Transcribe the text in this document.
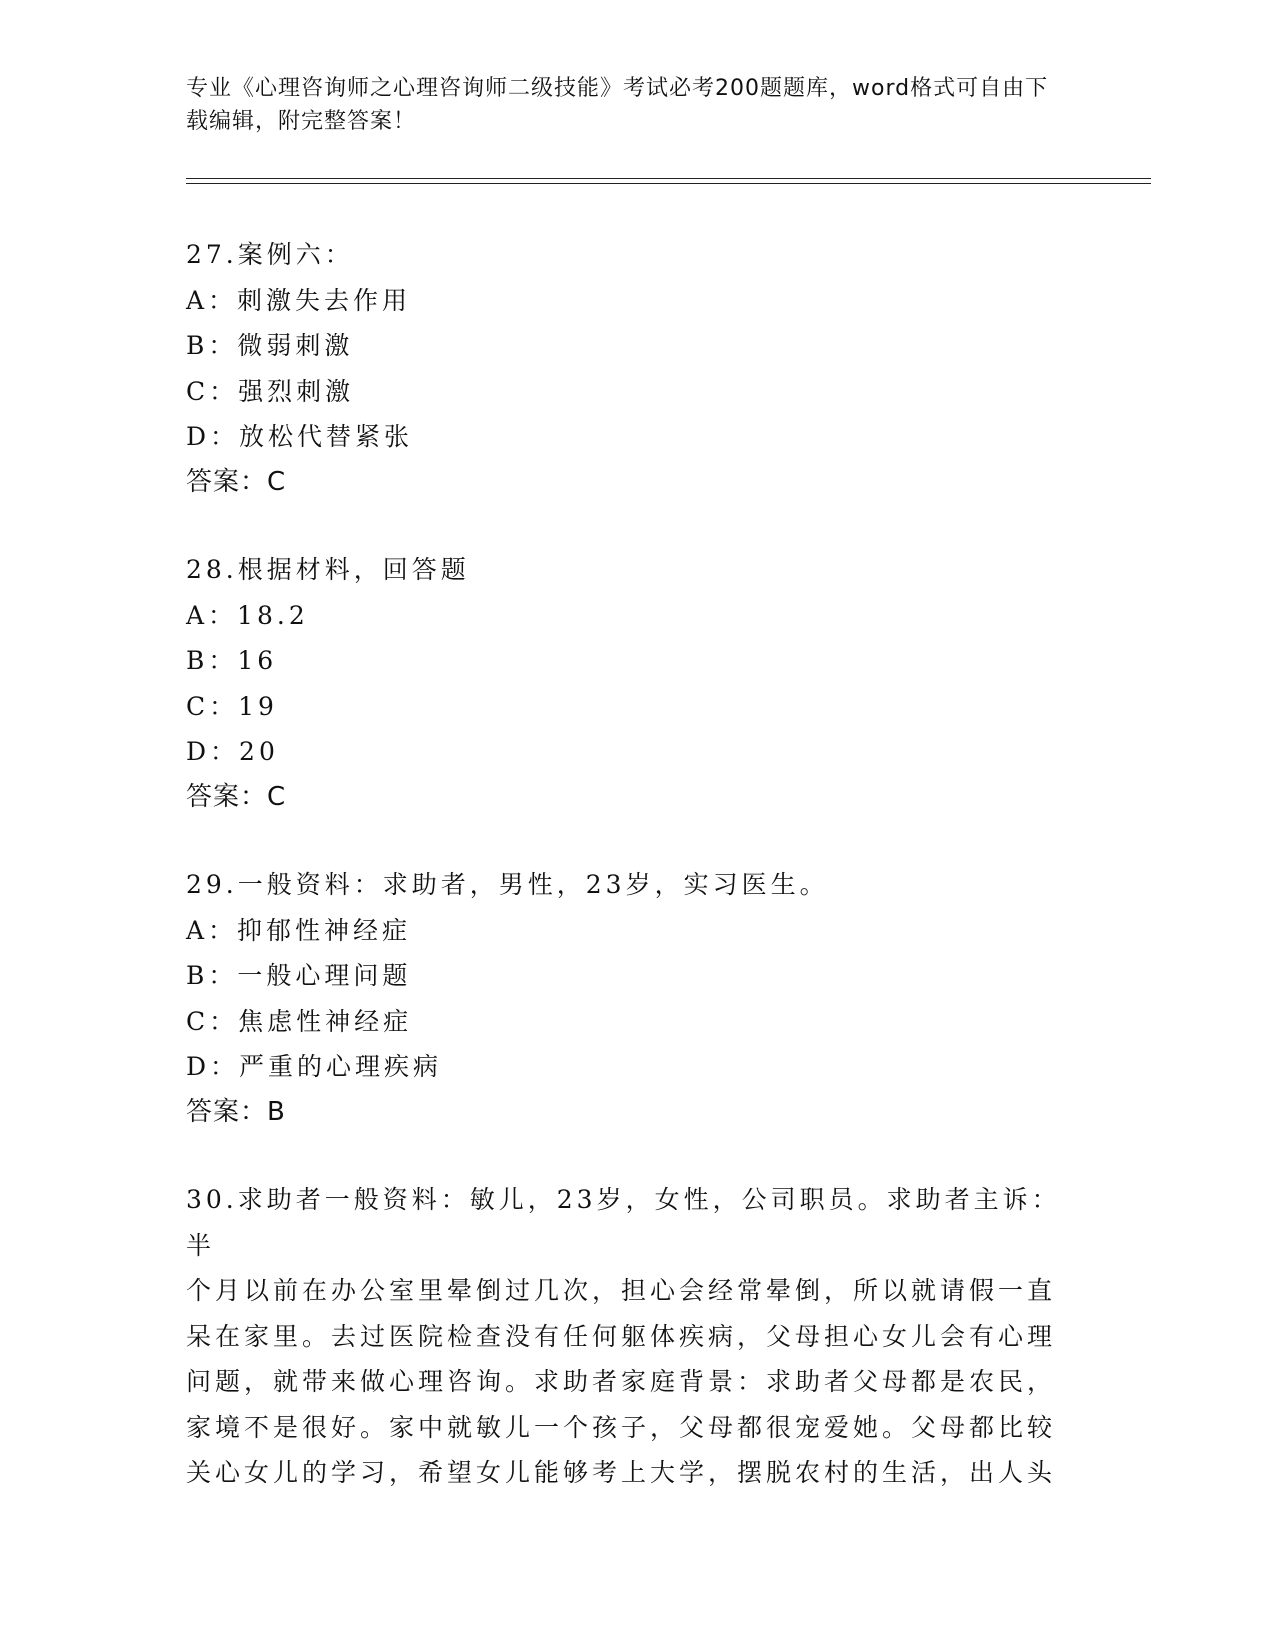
专业《心理咨询师之心理咨询师二级技能》考试必考200题题库，word格式可自由下载编辑，附完整答案！

27.案例六：

A：刺激失去作用

B：微弱刺激

C：强烈刺激

D：放松代替紧张

答案：C

28.根据材料，回答题

A：18.2

B：16

C：19

D：20

答案：C

29.一般资料：求助者，男性，23岁，实习医生。

A：抑郁性神经症

B：一般心理问题

C：焦虑性神经症

D：严重的心理疾病

答案：B

30.求助者一般资料：敏儿，23岁，女性，公司职员。求助者主诉：半

个月以前在办公室里晕倒过几次，担心会经常晕倒，所以就请假一直

呆在家里。去过医院检查没有任何躯体疾病，父母担心女儿会有心理

问题，就带来做心理咨询。求助者家庭背景：求助者父母都是农民，

家境不是很好。家中就敏儿一个孩子，父母都很宠爱她。父母都比较

关心女儿的学习，希望女儿能够考上大学，摆脱农村的生活，出人头
